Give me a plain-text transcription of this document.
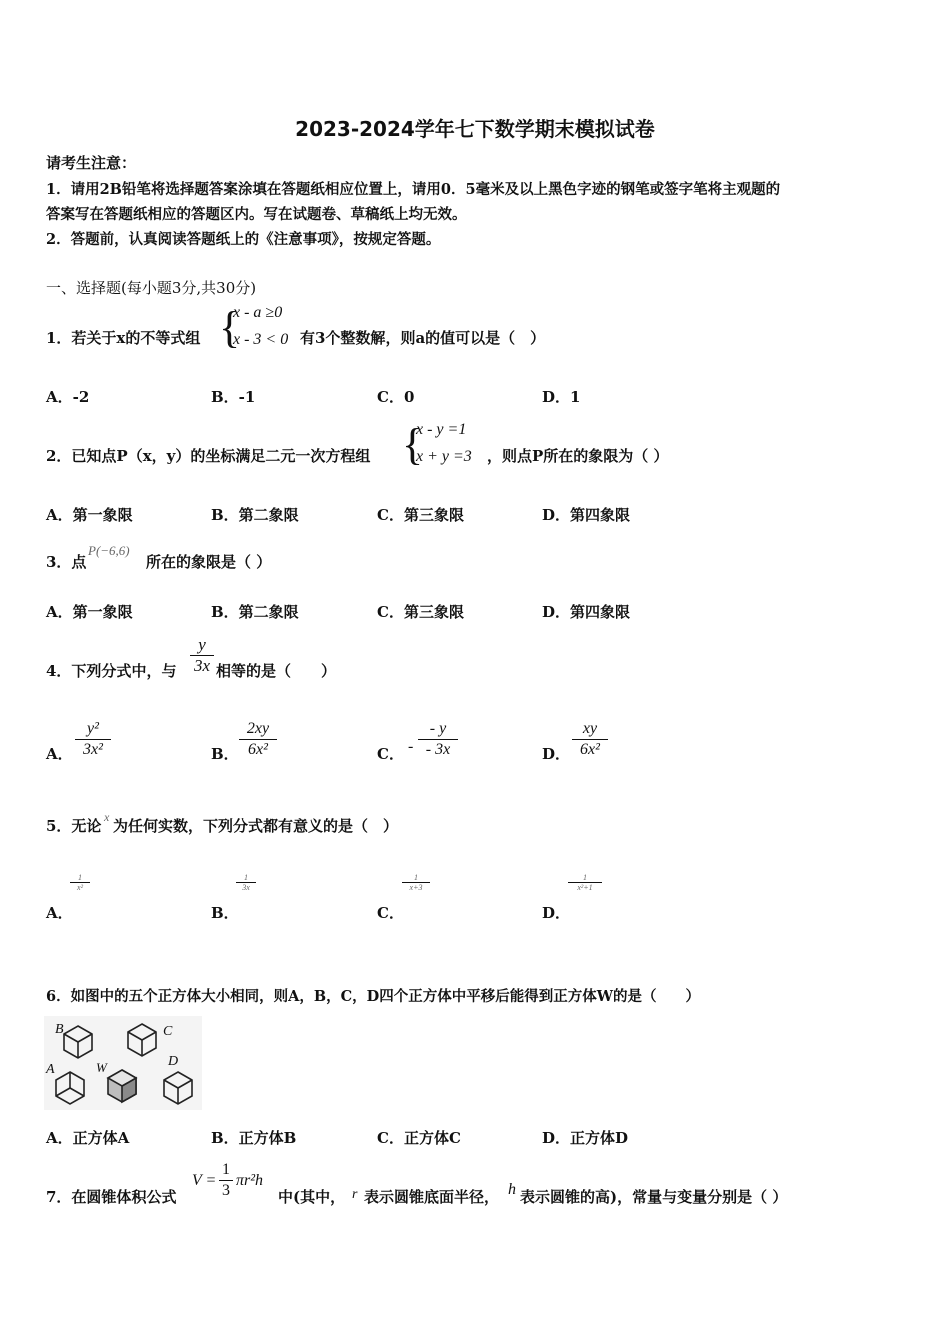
2023-2024学年七下数学期末模拟试卷
请考生注意：
1．请用2B铅笔将选择题答案涂填在答题纸相应位置上，请用0．5毫米及以上黑色字迹的钢笔或签字笔将主观题的
答案写在答题纸相应的答题区内。写在试题卷、草稿纸上均无效。
2．答题前，认真阅读答题纸上的《注意事项》，按规定答题。
一、选择题(每小题3分,共30分)
1．若关于x的不等式组 {
x - a ≥0
x - 3 < 0 有3个整数解，则a的值可以是（　）
A．-2	B．-1	C．0	D．1
2．已知点P（x，y）的坐标满足二元一次方程组 {
x - y =1
x + y =3 ，则点P所在的象限为（ ）
A．第一象限	B．第二象限	C．第三象限	D．第四象限
3．点
P(−6,6)
所在的象限是（ ）
A．第一象限	B．第二象限	C．第三象限	D．第四象限
4．下列分式中，与
y
3x 相等的是（　　）
A．
y²
3x²	B．
2xy
6x²	C． -
- y
- 3x	D．
xy
6x²
5．无论 x 为任何实数，下列分式都有意义的是（　）
A．
1
x²
B．
1
3x
C．
1
x+3
D．
1
x²+1
6．如图中的五个正方体大小相同，则A，B，C，D四个正方体中平移后能得到正方体W的是（　　）
B	C
A	W	D
A．正方体A	B．正方体B	C．正方体C	D．正方体D
7．在圆锥体积公式
V =
1
3
πr²h
中(其中， r 表示圆锥底面半径， h 表示圆锥的高)，常量与变量分别是（ ）
